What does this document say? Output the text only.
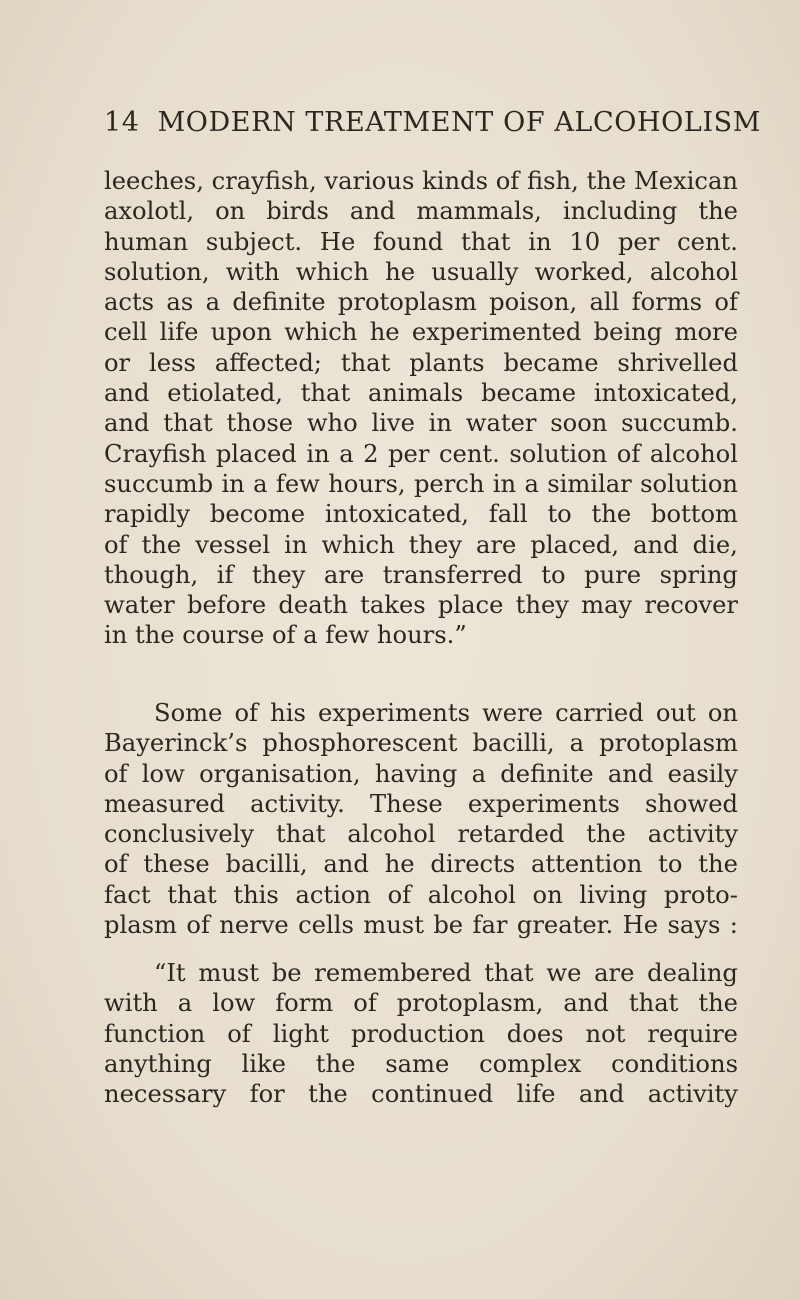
14 MODERN TREATMENT OF ALCOHOLISM
leeches, crayfish, various kinds of fish, the Mexican
axolotl, on birds and mammals, including the
human subject. He found that in 10 per cent.
solution, with which he usually worked, alcohol
acts as a definite protoplasm poison, all forms of
cell life upon which he experimented being more
or less affected; that plants became shrivelled
and etiolated, that animals became intoxicated,
and that those who live in water soon succumb.
Crayfish placed in a 2 per cent. solution of alcohol
succumb in a few hours, perch in a similar solution
rapidly become intoxicated, fall to the bottom
of the vessel in which they are placed, and die,
though, if they are transferred to pure spring
water before death takes place they may recover
in the course of a few hours.”
Some of his experiments were carried out on
Bayerinck’s phosphorescent bacilli, a protoplasm
of low organisation, having a definite and easily
measured activity. These experiments showed
conclusively that alcohol retarded the activity
of these bacilli, and he directs attention to the
fact that this action of alcohol on living proto-
plasm of nerve cells must be far greater. He says :
“It must be remembered that we are dealing
with a low form of protoplasm, and that the
function of light production does not require
anything like the same complex conditions
necessary for the continued life and activity
